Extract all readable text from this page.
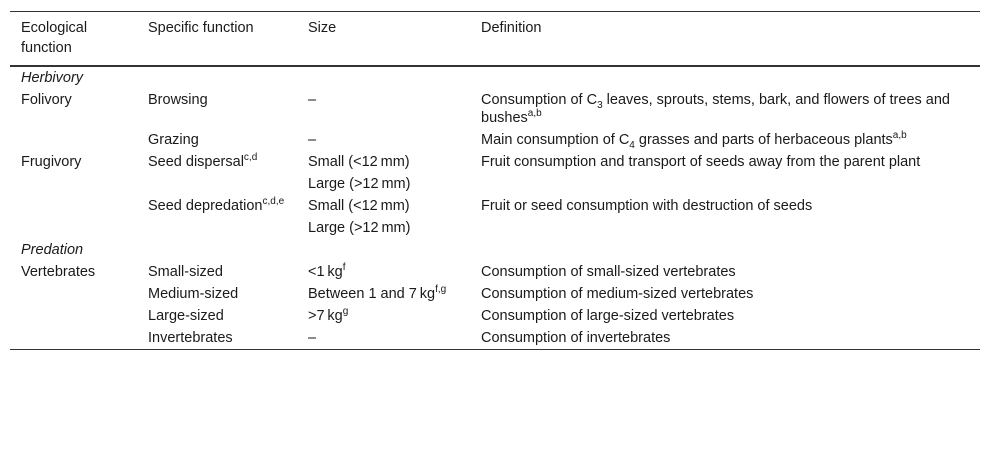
Ecological function	Specific function	Size	Definition
Herbivory			
Folivory	Browsing	–	Consumption of $C_3$ leaves, sprouts, stems, bark, and flowers of trees and bushes$^{a,b}$
	Grazing	–	Main consumption of $C_4$ grasses and parts of herbaceous plants$^{a,b}$
Frugivory	Seed dispersal$^{c,d}$	Small (<12 mm)	Fruit consumption and transport of seeds away from the parent plant
		Large (>12 mm)	
	Seed depredation$^{c,d,e}$	Small (<12 mm)	Fruit or seed consumption with destruction of seeds
		Large (>12 mm)	
Predation			
Vertebrates	Small-sized	<1 $kg^f$	Consumption of small-sized vertebrates
	Medium-sized	Between 1 and 7 kg$^{f,g}$	Consumption of medium-sized vertebrates
	Large-sized	>7 $kg^g$	Consumption of large-sized vertebrates
	Invertebrates	–	Consumption of invertebrates
